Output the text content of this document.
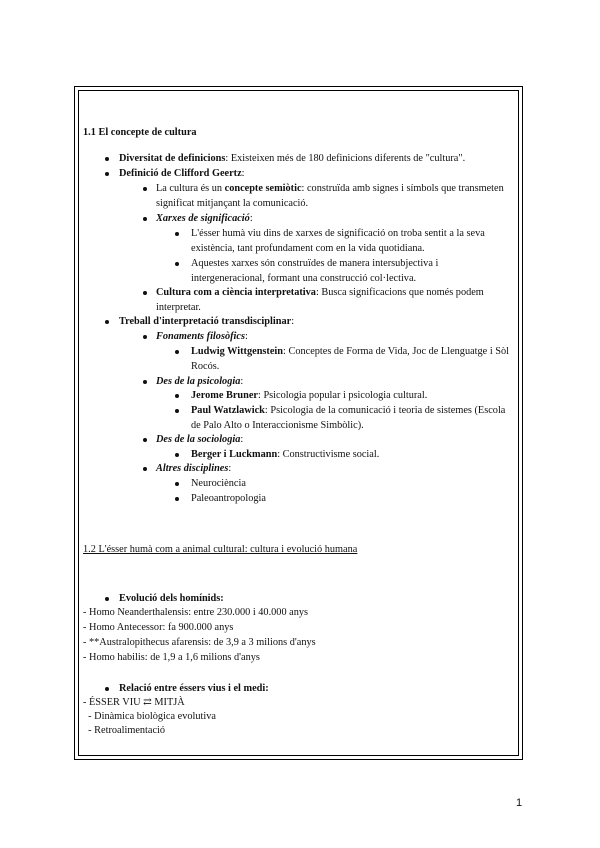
1.1 El concepte de cultura
Diversitat de definicions: Existeixen més de 180 definicions diferents de "cultura".
Definició de Clifford Geertz:
La cultura és un concepte semiòtic: construïda amb signes i símbols que transmeten significat mitjançant la comunicació.
Xarxes de significació:
L'ésser humà viu dins de xarxes de significació on troba sentit a la seva existència, tant profundament com en la vida quotidiana.
Aquestes xarxes són construïdes de manera intersubjectiva i intergeneracional, formant una construcció col·lectiva.
Cultura com a ciència interpretativa: Busca significacions que només podem interpretar.
Treball d'interpretació transdisciplinar:
Fonaments filosòfics:
Ludwig Wittgenstein: Conceptes de Forma de Vida, Joc de Llenguatge i Sòl Rocós.
Des de la psicologia:
Jerome Bruner: Psicologia popular i psicologia cultural.
Paul Watzlawick: Psicologia de la comunicació i teoria de sistemes (Escola de Palo Alto o Interaccionisme Simbòlic).
Des de la sociologia:
Berger i Luckmann: Constructivisme social.
Altres disciplines:
Neurociència
Paleoantropologia
1.2 L'ésser humà com a animal cultural: cultura i evolució humana
Evolució dels homínids:
- Homo Neanderthalensis: entre 230.000 i 40.000 anys
- Homo Antecessor: fa 900.000 anys
- **Australopithecus afarensis: de 3,9 a 3 milions d'anys
- Homo habilis: de 1,9 a 1,6 milions d'anys
Relació entre éssers vius i el medi:
- ÉSSER VIU ⇄ MITJÀ
- Dinàmica biològica evolutiva
- Retroalimentació
1
